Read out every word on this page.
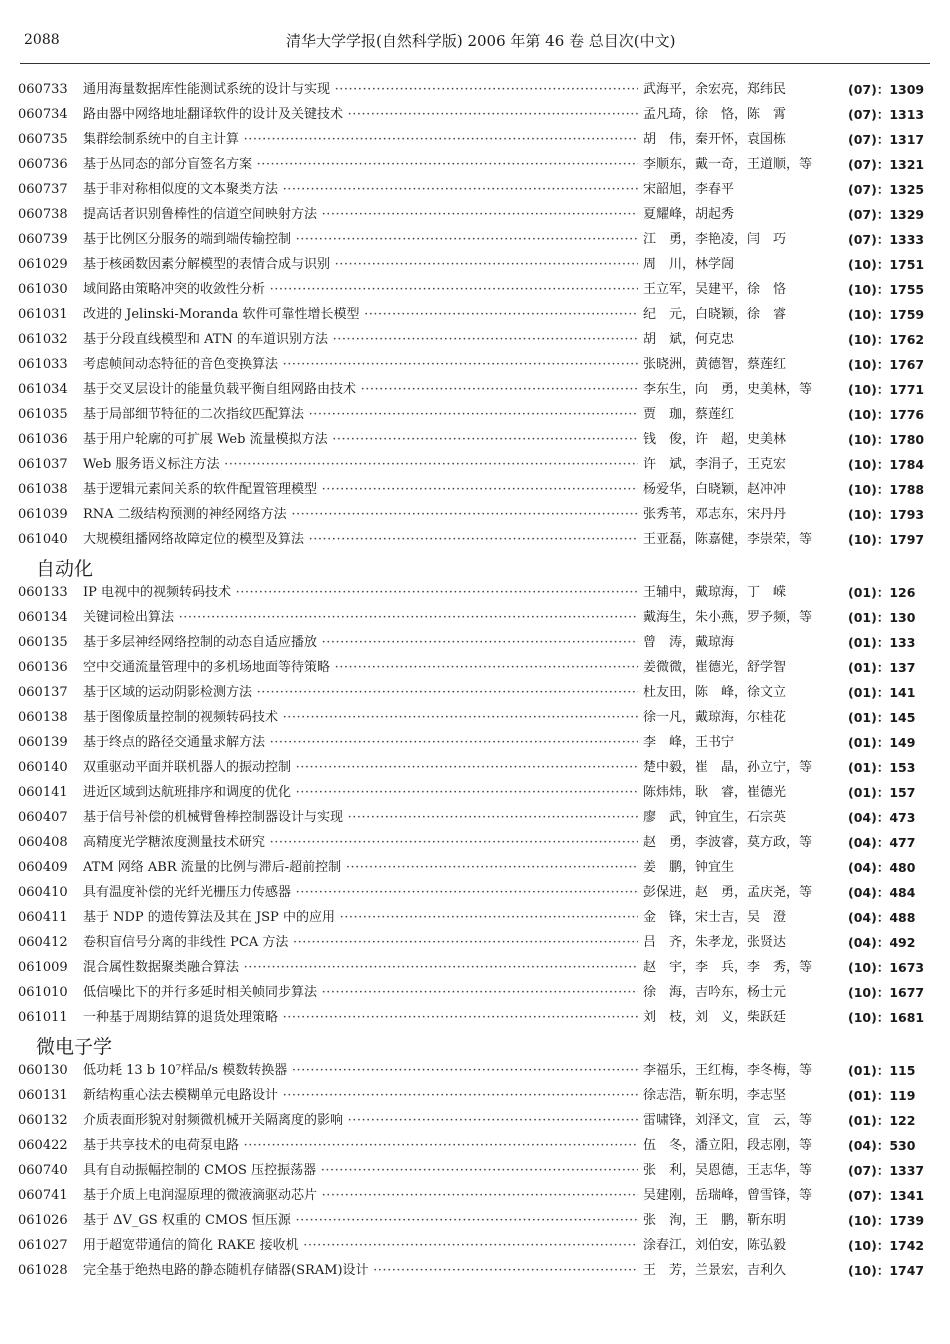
2088	清华大学学报(自然科学版) 2006 年第 46 卷 总目次(中文)
060733 通用海量数据库性能测试系统的设计与实现 ·····	武海平，余宏亮，郑纬民	(07)：1309
060734 路由器中网络地址翻译软件的设计及关键技术 ·····	孟凡琦，徐　恪，陈　霄	(07)：1313
060735 集群绘制系统中的自主计算 ·····	胡　伟，秦开怀，袁国栋	(07)：1317
060736 基于丛同态的部分盲签名方案 ·····	李顺东，戴一奇，王道顺，等	(07)：1321
060737 基于非对称相似度的文本聚类方法 ·····	宋韶旭，李春平	(07)：1325
060738 提高话者识别鲁棒性的信道空间映射方法 ·····	夏耀峰，胡起秀	(07)：1329
060739 基于比例区分服务的端到端传输控制 ·····	江　勇，李艳凌，闫　巧	(07)：1333
061029 基于核函数因素分解模型的表情合成与识别 ·····	周　川，林学訚	(10)：1751
061030 域间路由策略冲突的收敛性分析 ·····	王立军，吴建平，徐　恪	(10)：1755
061031 改进的 Jelinski-Moranda 软件可靠性增长模型 ·····	纪　元，白晓颖，徐　睿	(10)：1759
061032 基于分段直线模型和 ATN 的车道识别方法 ·····	胡　斌，何克忠	(10)：1762
061033 考虑帧间动态特征的音色变换算法 ·····	张晓洲，黄德智，蔡莲红	(10)：1767
061034 基于交叉层设计的能量负载平衡自组网路由技术 ·····	李东生，向　勇，史美林，等	(10)：1771
061035 基于局部细节特征的二次指纹匹配算法 ·····	贾　珈，蔡莲红	(10)：1776
061036 基于用户轮廓的可扩展 Web 流量模拟方法 ·····	钱　俊，许　超，史美林	(10)：1780
061037 Web 服务语义标注方法 ·····	许　斌，李涓子，王克宏	(10)：1784
061038 基于逻辑元素间关系的软件配置管理模型 ·····	杨爱华，白晓颖，赵冲冲	(10)：1788
061039 RNA 二级结构预测的神经网络方法 ·····	张秀苇，邓志东，宋丹丹	(10)：1793
061040 大规模组播网络故障定位的模型及算法 ·····	王亚磊，陈嘉健，李崇荣，等	(10)：1797
自动化
060133 IP 电视中的视频转码技术 ·····	王辅中，戴琼海，丁　嵘	(01)：126
060134 关键词检出算法 ·····	戴海生，朱小燕，罗予频，等	(01)：130
060135 基于多层神经网络控制的动态自适应播放 ·····	曾　涛，戴琼海	(01)：133
060136 空中交通流量管理中的多机场地面等待策略 ·····	姜微微，崔德光，舒学智	(01)：137
060137 基于区域的运动阴影检测方法 ·····	杜友田，陈　峰，徐文立	(01)：141
060138 基于图像质量控制的视频转码技术 ·····	徐一凡，戴琼海，尔桂花	(01)：145
060139 基于终点的路径交通量求解方法 ·····	李　峰，王书宁	(01)：149
060140 双重驱动平面并联机器人的振动控制 ·····	楚中毅，崔　晶，孙立宁，等	(01)：153
060141 进近区域到达航班排序和调度的优化 ·····	陈炜炜，耿　睿，崔德光	(01)：157
060407 基于信号补偿的机械臂鲁棒控制器设计与实现 ·····	廖　武，钟宜生，石宗英	(04)：473
060408 高精度光学糖浓度测量技术研究 ·····	赵　勇，李波睿，莫方政，等	(04)：477
060409 ATM 网络 ABR 流量的比例与滞后-超前控制 ·····	姜　鹏，钟宜生	(04)：480
060410 具有温度补偿的光纤光栅压力传感器 ·····	彭保进，赵　勇，孟庆尧，等	(04)：484
060411 基于 NDP 的遗传算法及其在 JSP 中的应用 ·····	金　锋，宋士吉，吴　澄	(04)：488
060412 卷积盲信号分离的非线性 PCA 方法 ·····	吕　齐，朱孝龙，张贤达	(04)：492
061009 混合属性数据聚类融合算法 ·····	赵　宇，李　兵，李　秀，等	(10)：1673
061010 低信噪比下的并行多延时相关帧同步算法 ·····	徐　海，吉吟东，杨士元	(10)：1677
061011 一种基于周期结算的退货处理策略 ·····	刘　枝，刘　义，柴跃廷	(10)：1681
微电子学
060130 低功耗 13 b 10⁷样品/s 模数转换器 ·····	李福乐，王红梅，李冬梅，等	(01)：115
060131 新结构重心法去模糊单元电路设计 ·····	徐志浩，靳东明，李志坚	(01)：119
060132 介质表面形貌对射频微机械开关隔离度的影响 ·····	雷啸锋，刘泽文，宣　云，等	(01)：122
060422 基于共享技术的电荷泵电路 ·····	伍　冬，潘立阳，段志刚，等	(04)：530
060740 具有自动振幅控制的 CMOS 压控振荡器 ·····	张　利，吴恩德，王志华，等	(07)：1337
060741 基于介质上电润湿原理的微液滴驱动芯片 ·····	吴建刚，岳瑞峰，曾雪锋，等	(07)：1341
061026 基于 ΔV_GS 权重的 CMOS 恒压源 ·····	张　洵，王　鹏，靳东明	(10)：1739
061027 用于超宽带通信的简化 RAKE 接收机 ·····	涂春江，刘伯安，陈弘毅	(10)：1742
061028 完全基于绝热电路的静态随机存储器(SRAM)设计 ·····	王　芳，兰景宏，吉利久	(10)：1747
